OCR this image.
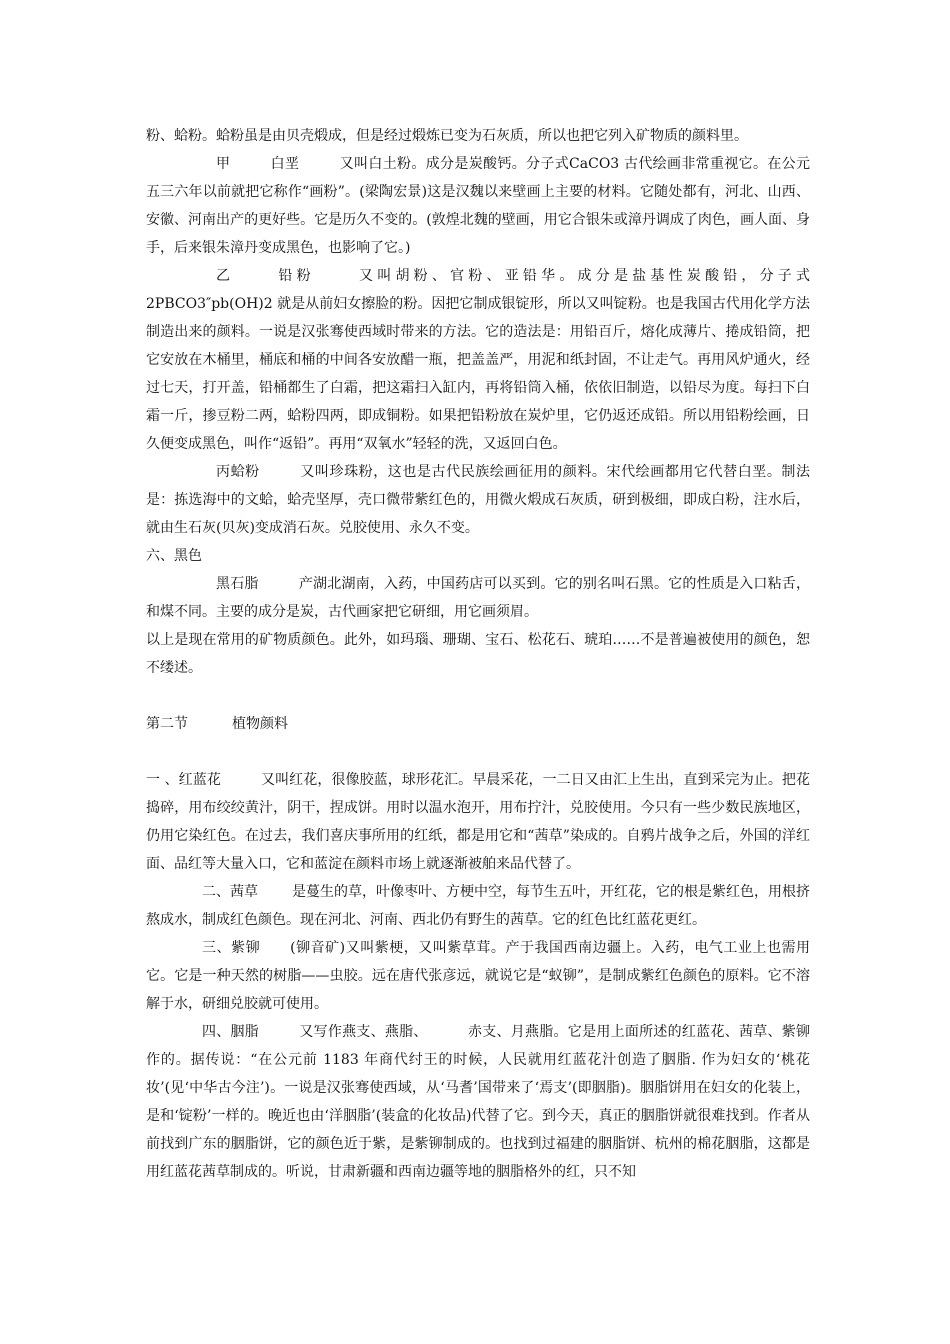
粉、蛤粉。蛤粉虽是由贝壳煅成，但是经过煅炼已变为石灰质，所以也把它列入矿物质的颜料里。

甲	白垩	又叫白土粉。成分是炭酸钙。分子式CaCO3 古代绘画非常重视它。在公元五三六年以前就把它称作“画粉”。(梁陶宏景)这是汉魏以来壁画上主要的材料。它随处都有，河北、山西、安徽、河南出产的更好些。它是历久不变的。(敦煌北魏的壁画，用它合银朱或漳丹调成了肉色，画人面、身手，后来银朱漳丹变成黑色，也影响了它。)

乙	铅粉	又叫胡粉、官粉、亚铅华。成分是盐基性炭酸铅，分子式 2PBCO3″pb(OH)2 就是从前妇女擦脸的粉。因把它制成银锭形，所以又叫锭粉。也是我国古代用化学方法制造出来的颜料。一说是汉张骞使西域时带来的方法。它的造法是：用铅百斤，熔化成薄片、捲成铅筒，把它安放在木桶里，桶底和桶的中间各安放醋一瓶，把盖盖严，用泥和纸封固，不让走气。再用风炉通火，经过七天，打开盖，铅桶都生了白霜，把这霜扫入缸内，再将铅筒入桶，依依旧制造，以铅尽为度。每扫下白霜一斤，掺豆粉二两，蛤粉四两，即成铜粉。如果把铅粉放在炭炉里，它仍返还成铅。所以用铅粉绘画，日久便变成黑色，叫作“返铅”。再用“双氧水”轻轻的洗，又返回白色。

丙蛤粉	又叫珍珠粉，这也是古代民族绘画征用的颜料。宋代绘画都用它代替白垩。制法是：拣选海中的文蛤，蛤壳坚厚，壳口微带紫红色的，用微火煅成石灰质，研到极细，即成白粉，注水后，就由生石灰(贝灰)变成消石灰。兑胶使用、永久不变。

六、黑色

黑石脂	产湖北湖南，入药，中国药店可以买到。它的别名叫石黑。它的性质是入口粘舌，和煤不同。主要的成分是炭，古代画家把它研细，用它画须眉。

以上是现在常用的矿物质颜色。此外，如玛瑙、珊瑚、宝石、松花石、琥珀……不是普遍被使用的颜色，恕不缕述。

第二节	植物颜料

一 、红蓝花	又叫红花，很像胶蓝，球形花汇。早晨采花，一二日又由汇上生出，直到采完为止。把花捣碎，用布绞绞黄汁，阴干，捏成饼。用时以温水泡开，用布拧汁，兑胶使用。今只有一些少数民族地区，仍用它染红色。在过去，我们喜庆事所用的红纸，都是用它和“茜草”染成的。自鸦片战争之后，外国的洋红面、品红等大量入口，它和蓝淀在颜料市场上就逐渐被舶来品代替了。

二、茜草 是蔓生的草，叶像枣叶、方梗中空，每节生五叶，开红花，它的根是紫红色，用根挤熬成水，制成红色颜色。现在河北、河南、西北仍有野生的茜草。它的红色比红蓝花更红。

三、紫铆 (铆音矿)又叫紫梗，又叫紫草茸。产于我国西南边疆上。入药，电气工业上也需用它。它是一种天然的树脂——虫胶。远在唐代张彦远，就说它是“蚁铆”，是制成紫红色颜色的原料。它不溶解于水，研细兑胶就可使用。

四、胭脂	又写作燕支、燕脂、	赤支、月燕脂。它是用上面所述的红蓝花、茜草、紫铆作的。据传说：“在公元前 1183 年商代纣王的时候，人民就用红蓝花汁创造了胭脂. 作为妇女的‘桃花妆’(见‘中华古今注’)。一说是汉张骞使西域，从‘马耆’国带来了‘焉支’(即胭脂)。胭脂饼用在妇女的化装上，是和‘锭粉’一样的。晚近也由‘洋胭脂’(装盒的化妆品)代替了它。到今天，真正的胭脂饼就很难找到。作者从前找到广东的胭脂饼，它的颜色近于紫，是紫铆制成的。也找到过福建的胭脂饼、杭州的棉花胭脂，这都是用红蓝花茜草制成的。听说，甘肃新疆和西南边疆等地的胭脂格外的红，只不知
